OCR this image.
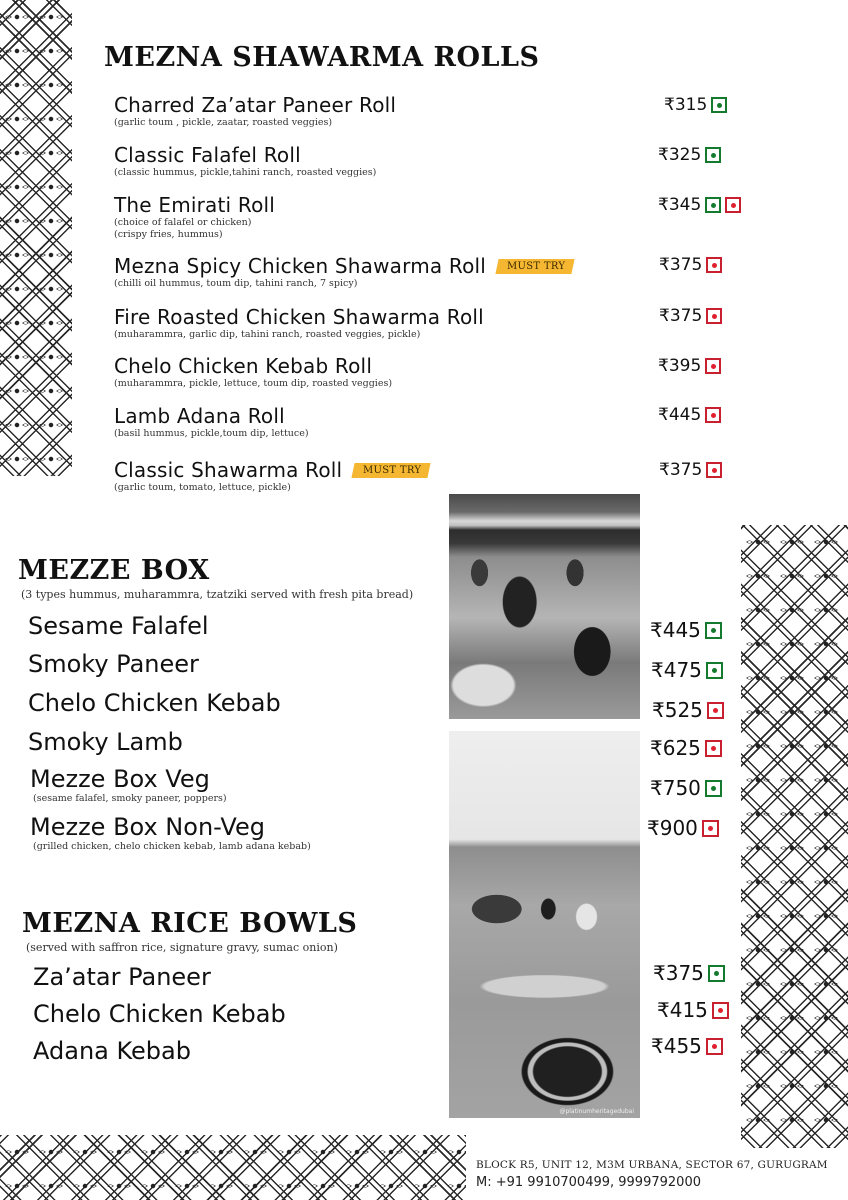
MEZNA SHAWARMA ROLLS
Charred Za’atar Paneer Roll
(garlic toum , pickle, zaatar, roasted veggies)
₹315
Classic Falafel Roll
(classic hummus, pickle,tahini ranch, roasted veggies)
₹325
The Emirati Roll
(choice of falafel or chicken)
(crispy fries, hummus)
₹345
Mezna Spicy Chicken Shawarma Roll MUST TRY
(chilli oil hummus, toum dip, tahini ranch, 7 spicy)
₹375
Fire Roasted Chicken Shawarma Roll
(muharammra, garlic dip, tahini ranch, roasted veggies, pickle)
₹375
Chelo Chicken Kebab Roll
(muharammra, pickle, lettuce, toum dip, roasted veggies)
₹395
Lamb Adana Roll
(basil hummus, pickle,toum dip, lettuce)
₹445
Classic Shawarma Roll MUST TRY
(garlic toum, tomato, lettuce, pickle)
₹375
@platinumheritagedubai
MEZZE BOX
(3 types hummus, muharammra, tzatziki served with fresh pita bread)
Sesame Falafel	₹445
Smoky Paneer	₹475
Chelo Chicken Kebab	₹525
Smoky Lamb	₹625
Mezze Box Veg
(sesame falafel, smoky paneer, poppers)	₹750
Mezze Box Non-Veg
(grilled chicken, chelo chicken kebab, lamb adana kebab)
₹900
MEZNA RICE BOWLS
(served with saffron rice, signature gravy, sumac onion)
Za’atar Paneer	₹375
Chelo Chicken Kebab	₹415
Adana Kebab	₹455
BLOCK R5, UNIT 12, M3M URBANA, SECTOR 67, GURUGRAM
M: +91 9910700499, 9999792000
